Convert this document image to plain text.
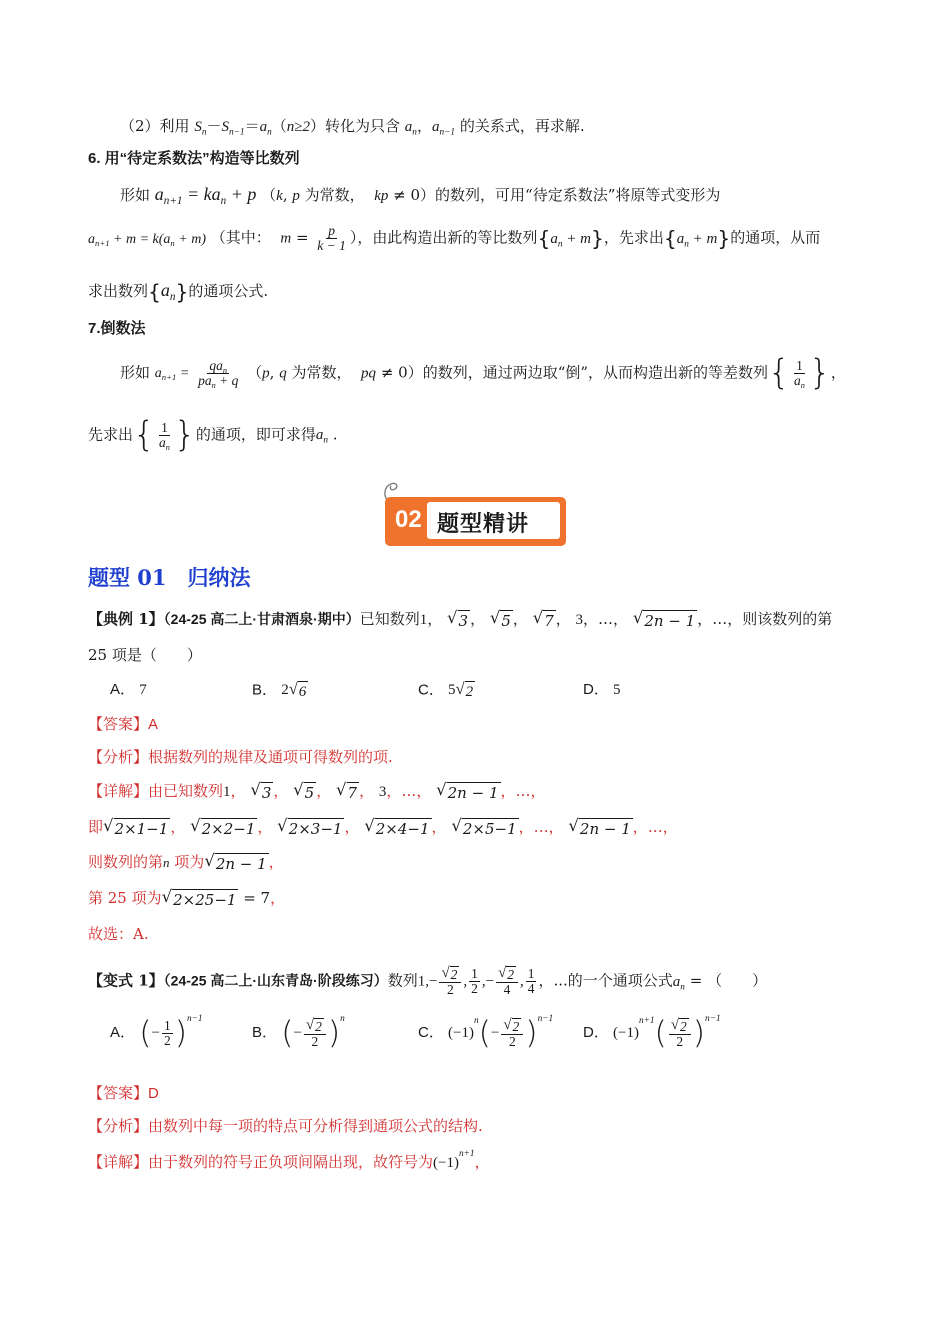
（2）利用 $S_n-S_{n-1}=a_n(n\ge 2)$转化为只含 $a_n$，$a_{n-1}$ 的关系式，再求解.
6. 用“待定系数法”构造等比数列
形如 $a_{n+1} = ka_n + p$ （k, p 为常数， kp ≠ 0）的数列，可用“待定系数法”将原等式变形为
$a_{n+1} + m = k(a_n + m)$ （其中： $m = \frac{p}{k - 1}$ ），由此构造出新的等比数列$\{a_n + m\}$，先求出$\{a_n + m\}$的通项，从而
求出数列$\{a_n\}$的通项公式.
7.倒数法
形如 $a_{n+1} = \frac{qa_n}{pa_n + q} (p$, q 为常数， pq ≠ 0）的数列，通过两边取“倒”，从而构造出新的等差数列{ $\frac{1}{a_n}$ }，
先求出{ $\frac{1}{a_n}$ }的通项，即可求得$a_n$ .
02 题型精讲
题型 01　归纳法
【典例 1】（24-25 高二上·甘肃酒泉·期中）已知数列1， √ 3 ， √ 5 ， √ 7 ， 3，…， √ 2n − 1 ，…，则该数列的第
25 项是（　　）
A． 7	B． 2 √ 6	C． 5 √ 2	D． 5
【答案】A
【分析】根据数列的规律及通项可得数列的项.
【详解】由已知数列1， √ 3 ， √ 5 ， √ 7 ， 3，…， √ 2n − 1 ，…，
即 √ 2×1−1 ， √ 2×2−1 ， √ 2×3−1 ， √ 2×4−1 ， √ 2×5−1 ，…， √ 2n − 1 ，…，
则数列的第n 项为 √ 2n − 1 ，
第 25 项为 √ 2×25−1 = 7，
故选：A.
【变式 1】（24-25 高二上·山东青岛·阶段练习）数列$1,- \frac{√ 2}{2}$ , $\frac{1}{2}$ ,− $\frac{√ 2}{4}$ , $\frac{1}{4}$ ，...的一个通项公式$a_n$ = （　　）
A． (− $\frac{1}{2} )n-1$
B． (− $\frac{√ 2}{2} )n$
C． $(-1)n(- \frac{√ 2}{2} )n-1$
D． $(-1)n+1( \frac{√ 2}{2} )n-1$
【答案】D
【分析】由数列中每一项的特点可分析得到通项公式的结构.
【详解】由于数列的符号正负项间隔出现，故符号为(−1)n+1，
